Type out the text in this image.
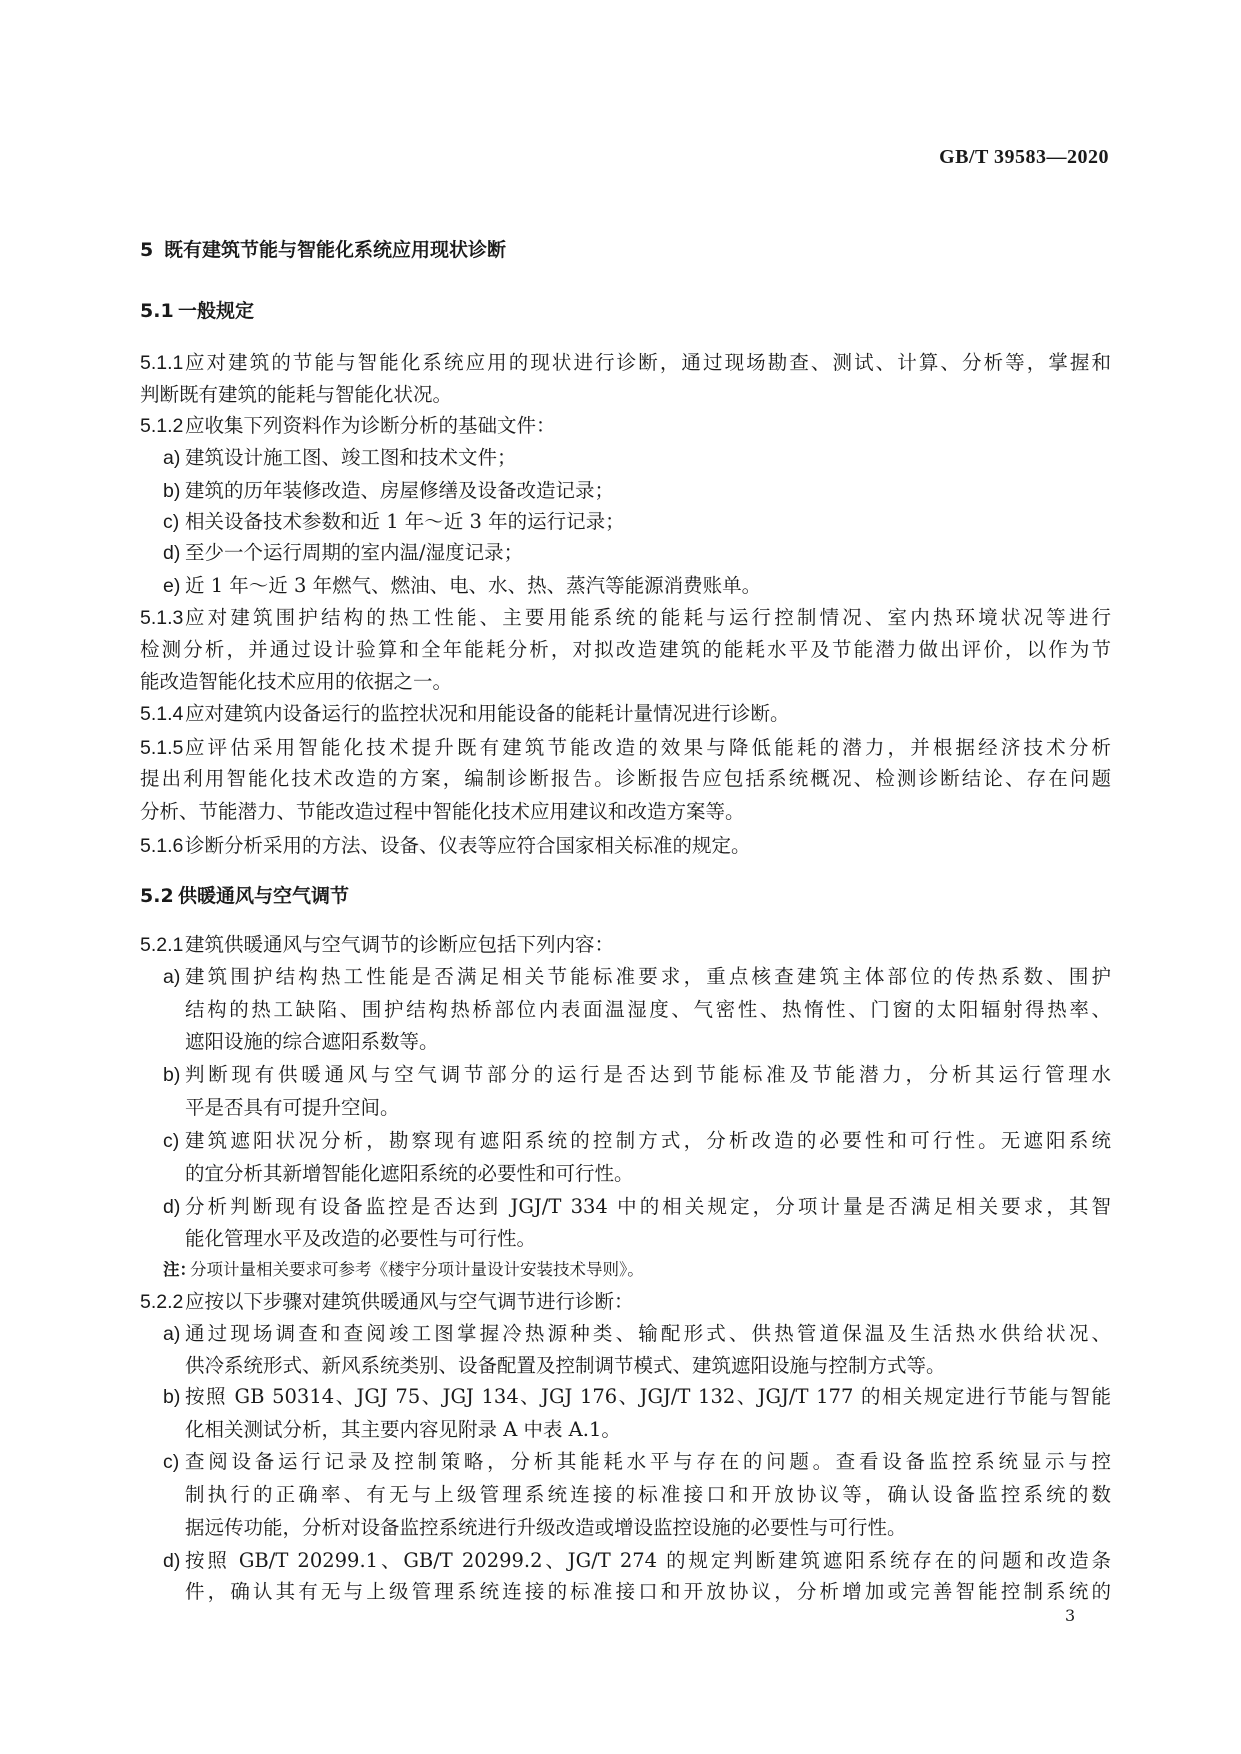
GB/T 39583—2020
5 既有建筑节能与智能化系统应用现状诊断
5.1 一般规定
5.1.1 应对建筑的节能与智能化系统应用的现状进行诊断，通过现场勘查、测试、计算、分析等，掌握和
判断既有建筑的能耗与智能化状况。
5.1.2 应收集下列资料作为诊断分析的基础文件：
a) 建筑设计施工图、竣工图和技术文件；
b) 建筑的历年装修改造、房屋修缮及设备改造记录；
c) 相关设备技术参数和近 1 年～近 3 年的运行记录；
d) 至少一个运行周期的室内温/湿度记录；
e) 近 1 年～近 3 年燃气、燃油、电、水、热、蒸汽等能源消费账单。
5.1.3 应对建筑围护结构的热工性能、主要用能系统的能耗与运行控制情况、室内热环境状况等进行
检测分析，并通过设计验算和全年能耗分析，对拟改造建筑的能耗水平及节能潜力做出评价，以作为节
能改造智能化技术应用的依据之一。
5.1.4 应对建筑内设备运行的监控状况和用能设备的能耗计量情况进行诊断。
5.1.5 应评估采用智能化技术提升既有建筑节能改造的效果与降低能耗的潜力，并根据经济技术分析
提出利用智能化技术改造的方案，编制诊断报告。诊断报告应包括系统概况、检测诊断结论、存在问题
分析、节能潜力、节能改造过程中智能化技术应用建议和改造方案等。
5.1.6 诊断分析采用的方法、设备、仪表等应符合国家相关标准的规定。
5.2 供暖通风与空气调节
5.2.1 建筑供暖通风与空气调节的诊断应包括下列内容：
a) 建筑围护结构热工性能是否满足相关节能标准要求，重点核查建筑主体部位的传热系数、围护
结构的热工缺陷、围护结构热桥部位内表面温湿度、气密性、热惰性、门窗的太阳辐射得热率、
遮阳设施的综合遮阳系数等。
b) 判断现有供暖通风与空气调节部分的运行是否达到节能标准及节能潜力，分析其运行管理水
平是否具有可提升空间。
c) 建筑遮阳状况分析，勘察现有遮阳系统的控制方式，分析改造的必要性和可行性。无遮阳系统
的宜分析其新增智能化遮阳系统的必要性和可行性。
d) 分析判断现有设备监控是否达到 JGJ/T 334 中的相关规定，分项计量是否满足相关要求，其智
能化管理水平及改造的必要性与可行性。
注：
分项计量相关要求可参考《楼宇分项计量设计安装技术导则》。
5.2.2 应按以下步骤对建筑供暖通风与空气调节进行诊断：
a) 通过现场调查和查阅竣工图掌握冷热源种类、输配形式、供热管道保温及生活热水供给状况、
供冷系统形式、新风系统类别、设备配置及控制调节模式、建筑遮阳设施与控制方式等。
b) 按照 GB 50314、JGJ 75、JGJ 134、JGJ 176、JGJ/T 132、JGJ/T 177 的相关规定进行节能与智能
化相关测试分析，其主要内容见附录 A 中表 A.1。
c) 查阅设备运行记录及控制策略，分析其能耗水平与存在的问题。查看设备监控系统显示与控
制执行的正确率、有无与上级管理系统连接的标准接口和开放协议等，确认设备监控系统的数
据远传功能，分析对设备监控系统进行升级改造或增设监控设施的必要性与可行性。
d) 按照 GB/T 20299.1、GB/T 20299.2、JG/T 274 的规定判断建筑遮阳系统存在的问题和改造条
件，确认其有无与上级管理系统连接的标准接口和开放协议，分析增加或完善智能控制系统的
3
